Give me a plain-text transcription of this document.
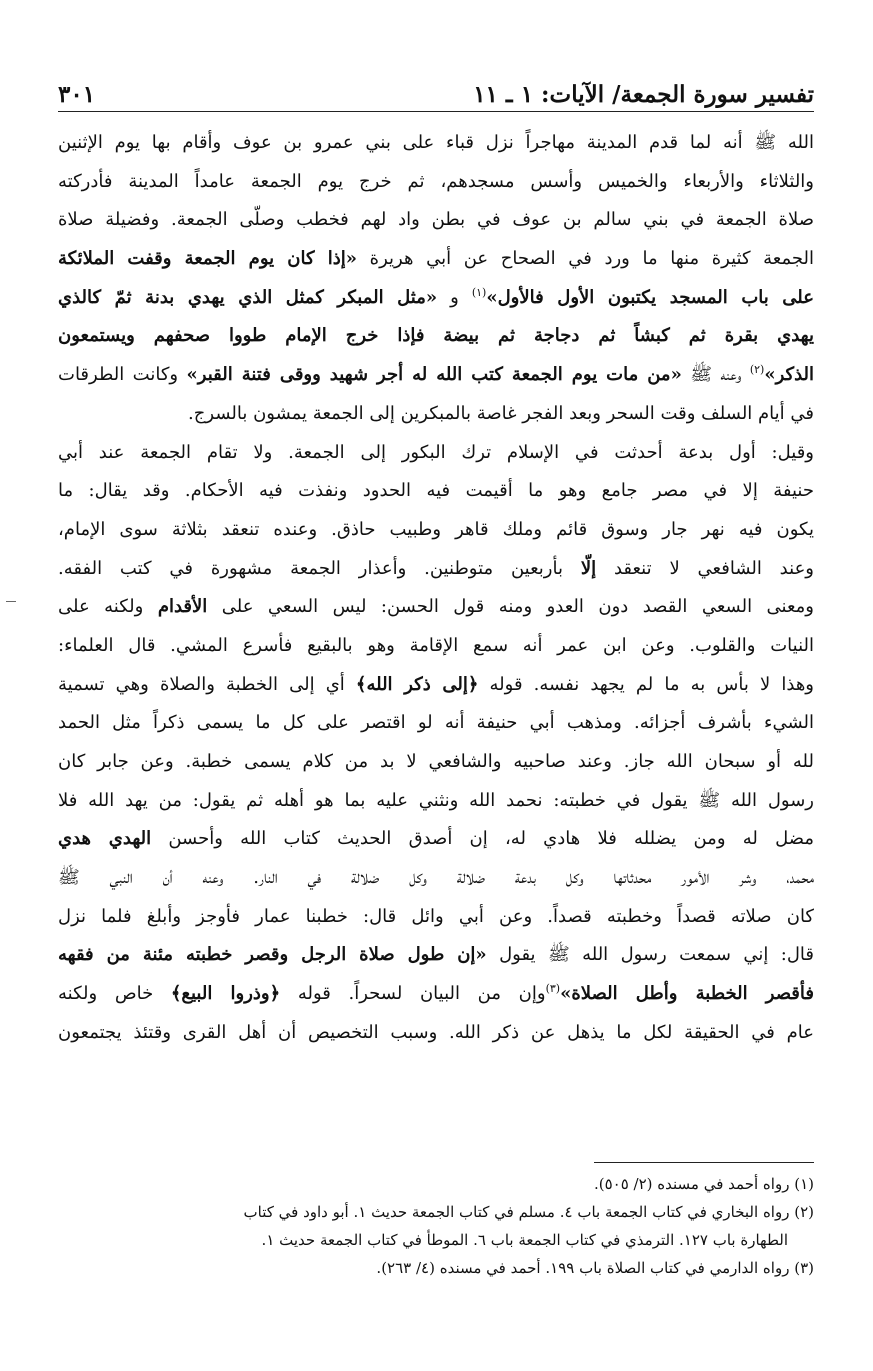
تفسير سورة الجمعة/ الآيات: ١ ـ ١١
٣٠١
الله ﷺ أنه لما قدم المدينة مهاجراً نزل قباء على بني عمرو بن عوف وأقام بها يوم الإثنين
والثلاثاء والأربعاء والخميس وأسس مسجدهم، ثم خرج يوم الجمعة عامداً المدينة فأدركته
صلاة الجمعة في بني سالم بن عوف في بطن واد لهم فخطب وصلّى الجمعة. وفضيلة صلاة
الجمعة كثيرة منها ما ورد في الصحاح عن أبي هريرة «إذا كان يوم الجمعة وقفت الملائكة
على باب المسجد يكتبون الأول فالأول»$^{(١)}$ و «مثل المبكر كمثل الذي يهدي بدنة ثمّ كالذي
يهدي بقرة ثم كبشاً ثم دجاجة ثم بيضة فإذا خرج الإمام طووا صحفهم ويستمعون
الذكر»$^{(٢)}$ وعنه ﷺ «من مات يوم الجمعة كتب الله له أجر شهيد ووقى فتنة القبر» وكانت الطرقات
في أيام السلف وقت السحر وبعد الفجر غاصة بالمبكرين إلى الجمعة يمشون بالسرج.
وقيل: أول بدعة أحدثت في الإسلام ترك البكور إلى الجمعة. ولا تقام الجمعة عند أبي
حنيفة إلا في مصر جامع وهو ما أقيمت فيه الحدود ونفذت فيه الأحكام. وقد يقال: ما
يكون فيه نهر جار وسوق قائم وملك قاهر وطبيب حاذق. وعنده تنعقد بثلاثة سوى الإمام،
وعند الشافعي لا تنعقد إلّا بأربعين متوطنين. وأعذار الجمعة مشهورة في كتب الفقه.
ومعنى السعي القصد دون العدو ومنه قول الحسن: ليس السعي على الأقدام ولكنه على
النيات والقلوب. وعن ابن عمر أنه سمع الإقامة وهو بالبقيع فأسرع المشي. قال العلماء:
وهذا لا بأس به ما لم يجهد نفسه. قوله ﴿إلى ذكر الله﴾ أي إلى الخطبة والصلاة وهي تسمية
الشيء بأشرف أجزائه. ومذهب أبي حنيفة أنه لو اقتصر على كل ما يسمى ذكراً مثل الحمد
لله أو سبحان الله جاز. وعند صاحبيه والشافعي لا بد من كلام يسمى خطبة. وعن جابر كان
رسول الله ﷺ يقول في خطبته: نحمد الله ونثني عليه بما هو أهله ثم يقول: من يهد الله فلا
مضل له ومن يضلله فلا هادي له، إن أصدق الحديث كتاب الله وأحسن الهدي هدي
محمد، وشر الأمور محدثاتها وكل بدعة ضلالة وكل ضلالة في النار. وعنه أن النبي ﷺ
كان صلاته قصداً وخطبته قصداً. وعن أبي وائل قال: خطبنا عمار فأوجز وأبلغ فلما نزل
قال: إني سمعت رسول الله ﷺ يقول «إن طول صلاة الرجل وقصر خطبته مئنة من فقهه
فأقصر الخطبة وأطل الصلاة»$^{(٣)}$وإن من البيان لسحراً. قوله ﴿وذروا البيع﴾ خاص ولكنه
عام في الحقيقة لكل ما يذهل عن ذكر الله. وسبب التخصيص أن أهل القرى وقتئذ يجتمعون
(١) رواه أحمد في مسنده (٢/ ٥٠٥).
(٢) رواه البخاري في كتاب الجمعة باب ٤. مسلم في كتاب الجمعة حديث ١. أبو داود في كتاب
الطهارة باب ١٢٧. الترمذي في كتاب الجمعة باب ٦. الموطأ في كتاب الجمعة حديث ١.
(٣) رواه الدارمي في كتاب الصلاة باب ١٩٩. أحمد في مسنده (٤/ ٢٦٣).
